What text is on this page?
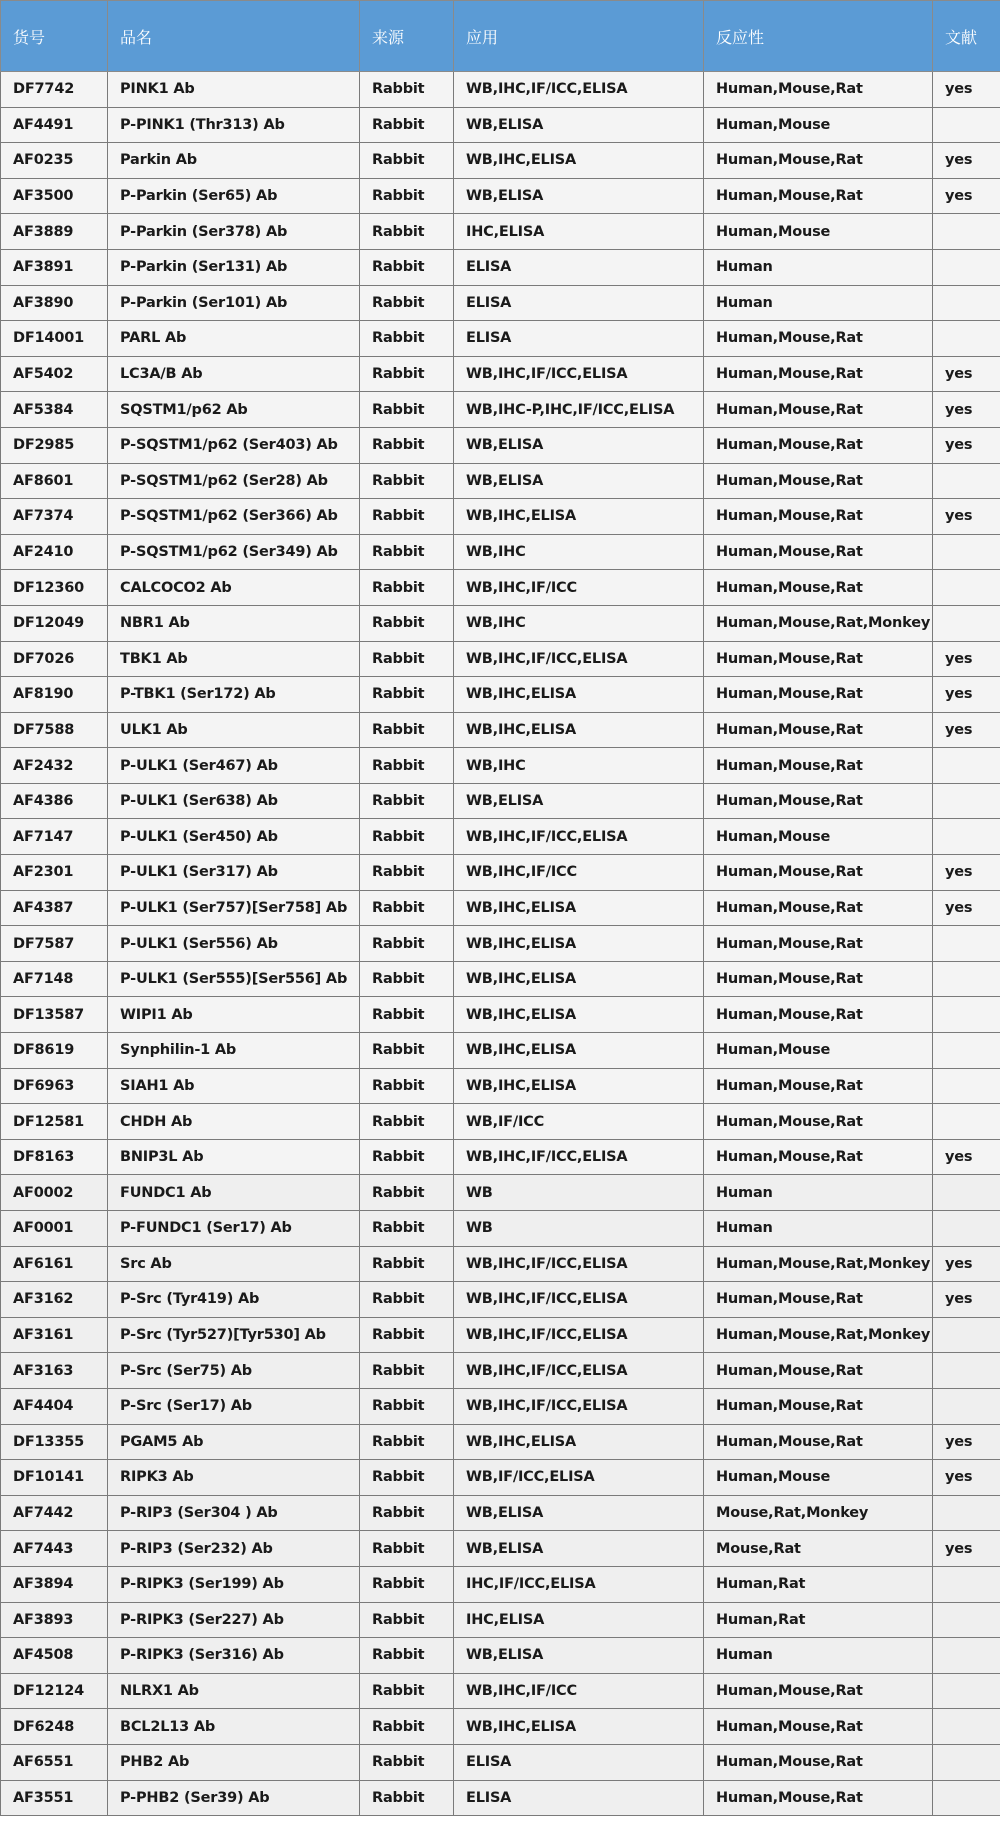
货号	品名	来源	应用	反应性	文献
DF7742	PINK1 Ab	Rabbit	WB,IHC,IF/ICC,ELISA	Human,Mouse,Rat	yes
AF4491	P-PINK1 (Thr313) Ab	Rabbit	WB,ELISA	Human,Mouse	
AF0235	Parkin Ab	Rabbit	WB,IHC,ELISA	Human,Mouse,Rat	yes
AF3500	P-Parkin (Ser65) Ab	Rabbit	WB,ELISA	Human,Mouse,Rat	yes
AF3889	P-Parkin (Ser378) Ab	Rabbit	IHC,ELISA	Human,Mouse	
AF3891	P-Parkin (Ser131) Ab	Rabbit	ELISA	Human	
AF3890	P-Parkin (Ser101) Ab	Rabbit	ELISA	Human	
DF14001	PARL Ab	Rabbit	ELISA	Human,Mouse,Rat	
AF5402	LC3A/B Ab	Rabbit	WB,IHC,IF/ICC,ELISA	Human,Mouse,Rat	yes
AF5384	SQSTM1/p62 Ab	Rabbit	WB,IHC-P,IHC,IF/ICC,ELISA	Human,Mouse,Rat	yes
DF2985	P-SQSTM1/p62 (Ser403) Ab	Rabbit	WB,ELISA	Human,Mouse,Rat	yes
AF8601	P-SQSTM1/p62 (Ser28) Ab	Rabbit	WB,ELISA	Human,Mouse,Rat	
AF7374	P-SQSTM1/p62 (Ser366) Ab	Rabbit	WB,IHC,ELISA	Human,Mouse,Rat	yes
AF2410	P-SQSTM1/p62 (Ser349) Ab	Rabbit	WB,IHC	Human,Mouse,Rat	
DF12360	CALCOCO2 Ab	Rabbit	WB,IHC,IF/ICC	Human,Mouse,Rat	
DF12049	NBR1 Ab	Rabbit	WB,IHC	Human,Mouse,Rat,Monkey	
DF7026	TBK1 Ab	Rabbit	WB,IHC,IF/ICC,ELISA	Human,Mouse,Rat	yes
AF8190	P-TBK1 (Ser172) Ab	Rabbit	WB,IHC,ELISA	Human,Mouse,Rat	yes
DF7588	ULK1 Ab	Rabbit	WB,IHC,ELISA	Human,Mouse,Rat	yes
AF2432	P-ULK1 (Ser467) Ab	Rabbit	WB,IHC	Human,Mouse,Rat	
AF4386	P-ULK1 (Ser638) Ab	Rabbit	WB,ELISA	Human,Mouse,Rat	
AF7147	P-ULK1 (Ser450) Ab	Rabbit	WB,IHC,IF/ICC,ELISA	Human,Mouse	
AF2301	P-ULK1 (Ser317) Ab	Rabbit	WB,IHC,IF/ICC	Human,Mouse,Rat	yes
AF4387	P-ULK1 (Ser757)[Ser758] Ab	Rabbit	WB,IHC,ELISA	Human,Mouse,Rat	yes
DF7587	P-ULK1 (Ser556) Ab	Rabbit	WB,IHC,ELISA	Human,Mouse,Rat	
AF7148	P-ULK1 (Ser555)[Ser556] Ab	Rabbit	WB,IHC,ELISA	Human,Mouse,Rat	
DF13587	WIPI1 Ab	Rabbit	WB,IHC,ELISA	Human,Mouse,Rat	
DF8619	Synphilin-1 Ab	Rabbit	WB,IHC,ELISA	Human,Mouse	
DF6963	SIAH1 Ab	Rabbit	WB,IHC,ELISA	Human,Mouse,Rat	
DF12581	CHDH Ab	Rabbit	WB,IF/ICC	Human,Mouse,Rat	
DF8163	BNIP3L Ab	Rabbit	WB,IHC,IF/ICC,ELISA	Human,Mouse,Rat	yes
AF0002	FUNDC1 Ab	Rabbit	WB	Human	
AF0001	P-FUNDC1 (Ser17) Ab	Rabbit	WB	Human	
AF6161	Src Ab	Rabbit	WB,IHC,IF/ICC,ELISA	Human,Mouse,Rat,Monkey	yes
AF3162	P-Src (Tyr419) Ab	Rabbit	WB,IHC,IF/ICC,ELISA	Human,Mouse,Rat	yes
AF3161	P-Src (Tyr527)[Tyr530] Ab	Rabbit	WB,IHC,IF/ICC,ELISA	Human,Mouse,Rat,Monkey	
AF3163	P-Src (Ser75) Ab	Rabbit	WB,IHC,IF/ICC,ELISA	Human,Mouse,Rat	
AF4404	P-Src (Ser17) Ab	Rabbit	WB,IHC,IF/ICC,ELISA	Human,Mouse,Rat	
DF13355	PGAM5 Ab	Rabbit	WB,IHC,ELISA	Human,Mouse,Rat	yes
DF10141	RIPK3 Ab	Rabbit	WB,IF/ICC,ELISA	Human,Mouse	yes
AF7442	P-RIP3 (Ser304 ) Ab	Rabbit	WB,ELISA	Mouse,Rat,Monkey	
AF7443	P-RIP3 (Ser232) Ab	Rabbit	WB,ELISA	Mouse,Rat	yes
AF3894	P-RIPK3 (Ser199) Ab	Rabbit	IHC,IF/ICC,ELISA	Human,Rat	
AF3893	P-RIPK3 (Ser227) Ab	Rabbit	IHC,ELISA	Human,Rat	
AF4508	P-RIPK3 (Ser316) Ab	Rabbit	WB,ELISA	Human	
DF12124	NLRX1 Ab	Rabbit	WB,IHC,IF/ICC	Human,Mouse,Rat	
DF6248	BCL2L13 Ab	Rabbit	WB,IHC,ELISA	Human,Mouse,Rat	
AF6551	PHB2 Ab	Rabbit	ELISA	Human,Mouse,Rat	
AF3551	P-PHB2 (Ser39) Ab	Rabbit	ELISA	Human,Mouse,Rat	
